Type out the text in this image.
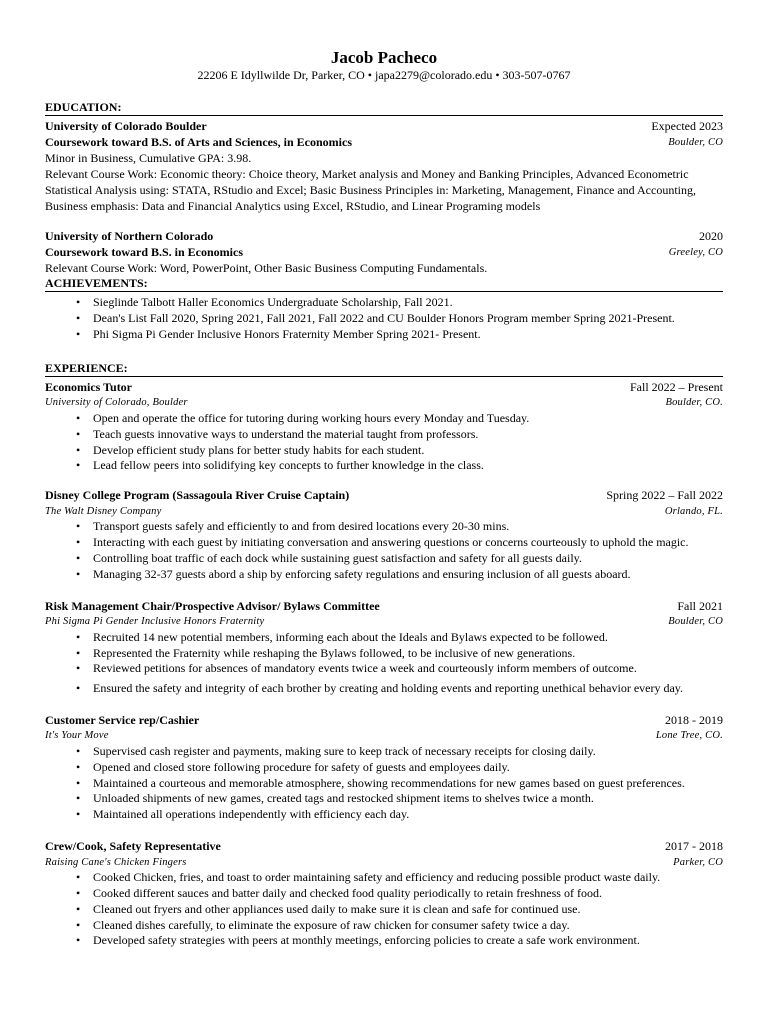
Jacob Pacheco
22206 E Idyllwilde Dr, Parker, CO • japa2279@colorado.edu • 303-507-0767
EDUCATION:
University of Colorado Boulder	Expected 2023
Coursework toward B.S. of Arts and Sciences, in Economics	Boulder, CO
Minor in Business, Cumulative GPA: 3.98.
Relevant Course Work: Economic theory: Choice theory, Market analysis and Money and Banking Principles, Advanced Econometric Statistical Analysis using: STATA, RStudio and Excel; Basic Business Principles in: Marketing, Management, Finance and Accounting, Business emphasis: Data and Financial Analytics using Excel, RStudio, and Linear Programing models
University of Northern Colorado	2020
Coursework toward B.S. in Economics	Greeley, CO
Relevant Course Work: Word, PowerPoint, Other Basic Business Computing Fundamentals.
ACHIEVEMENTS:
• Sieglinde Talbott Haller Economics Undergraduate Scholarship, Fall 2021.
• Dean's List Fall 2020, Spring 2021, Fall 2021, Fall 2022 and CU Boulder Honors Program member Spring 2021-Present.
• Phi Sigma Pi Gender Inclusive Honors Fraternity Member Spring 2021- Present.
EXPERIENCE:
Economics Tutor	Fall 2022 – Present
University of Colorado, Boulder	Boulder, CO.
• Open and operate the office for tutoring during working hours every Monday and Tuesday.
• Teach guests innovative ways to understand the material taught from professors.
• Develop efficient study plans for better study habits for each student.
• Lead fellow peers into solidifying key concepts to further knowledge in the class.
Disney College Program (Sassagoula River Cruise Captain)	Spring 2022 – Fall 2022
The Walt Disney Company	Orlando, FL.
• Transport guests safely and efficiently to and from desired locations every 20-30 mins.
• Interacting with each guest by initiating conversation and answering questions or concerns courteously to uphold the magic.
• Controlling boat traffic of each dock while sustaining guest satisfaction and safety for all guests daily.
• Managing 32-37 guests abord a ship by enforcing safety regulations and ensuring inclusion of all guests aboard.
Risk Management Chair/Prospective Advisor/ Bylaws Committee	Fall 2021
Phi Sigma Pi Gender Inclusive Honors Fraternity	Boulder, CO
• Recruited 14 new potential members, informing each about the Ideals and Bylaws expected to be followed.
• Represented the Fraternity while reshaping the Bylaws followed, to be inclusive of new generations.
• Reviewed petitions for absences of mandatory events twice a week and courteously inform members of outcome.
• Ensured the safety and integrity of each brother by creating and holding events and reporting unethical behavior every day.
Customer Service rep/Cashier	2018 - 2019
It's Your Move	Lone Tree, CO.
• Supervised cash register and payments, making sure to keep track of necessary receipts for closing daily.
• Opened and closed store following procedure for safety of guests and employees daily.
• Maintained a courteous and memorable atmosphere, showing recommendations for new games based on guest preferences.
• Unloaded shipments of new games, created tags and restocked shipment items to shelves twice a month.
• Maintained all operations independently with efficiency each day.
Crew/Cook, Safety Representative	2017 - 2018
Raising Cane's Chicken Fingers	Parker, CO
• Cooked Chicken, fries, and toast to order maintaining safety and efficiency and reducing possible product waste daily.
• Cooked different sauces and batter daily and checked food quality periodically to retain freshness of food.
• Cleaned out fryers and other appliances used daily to make sure it is clean and safe for continued use.
• Cleaned dishes carefully, to eliminate the exposure of raw chicken for consumer safety twice a day.
• Developed safety strategies with peers at monthly meetings, enforcing policies to create a safe work environment.
